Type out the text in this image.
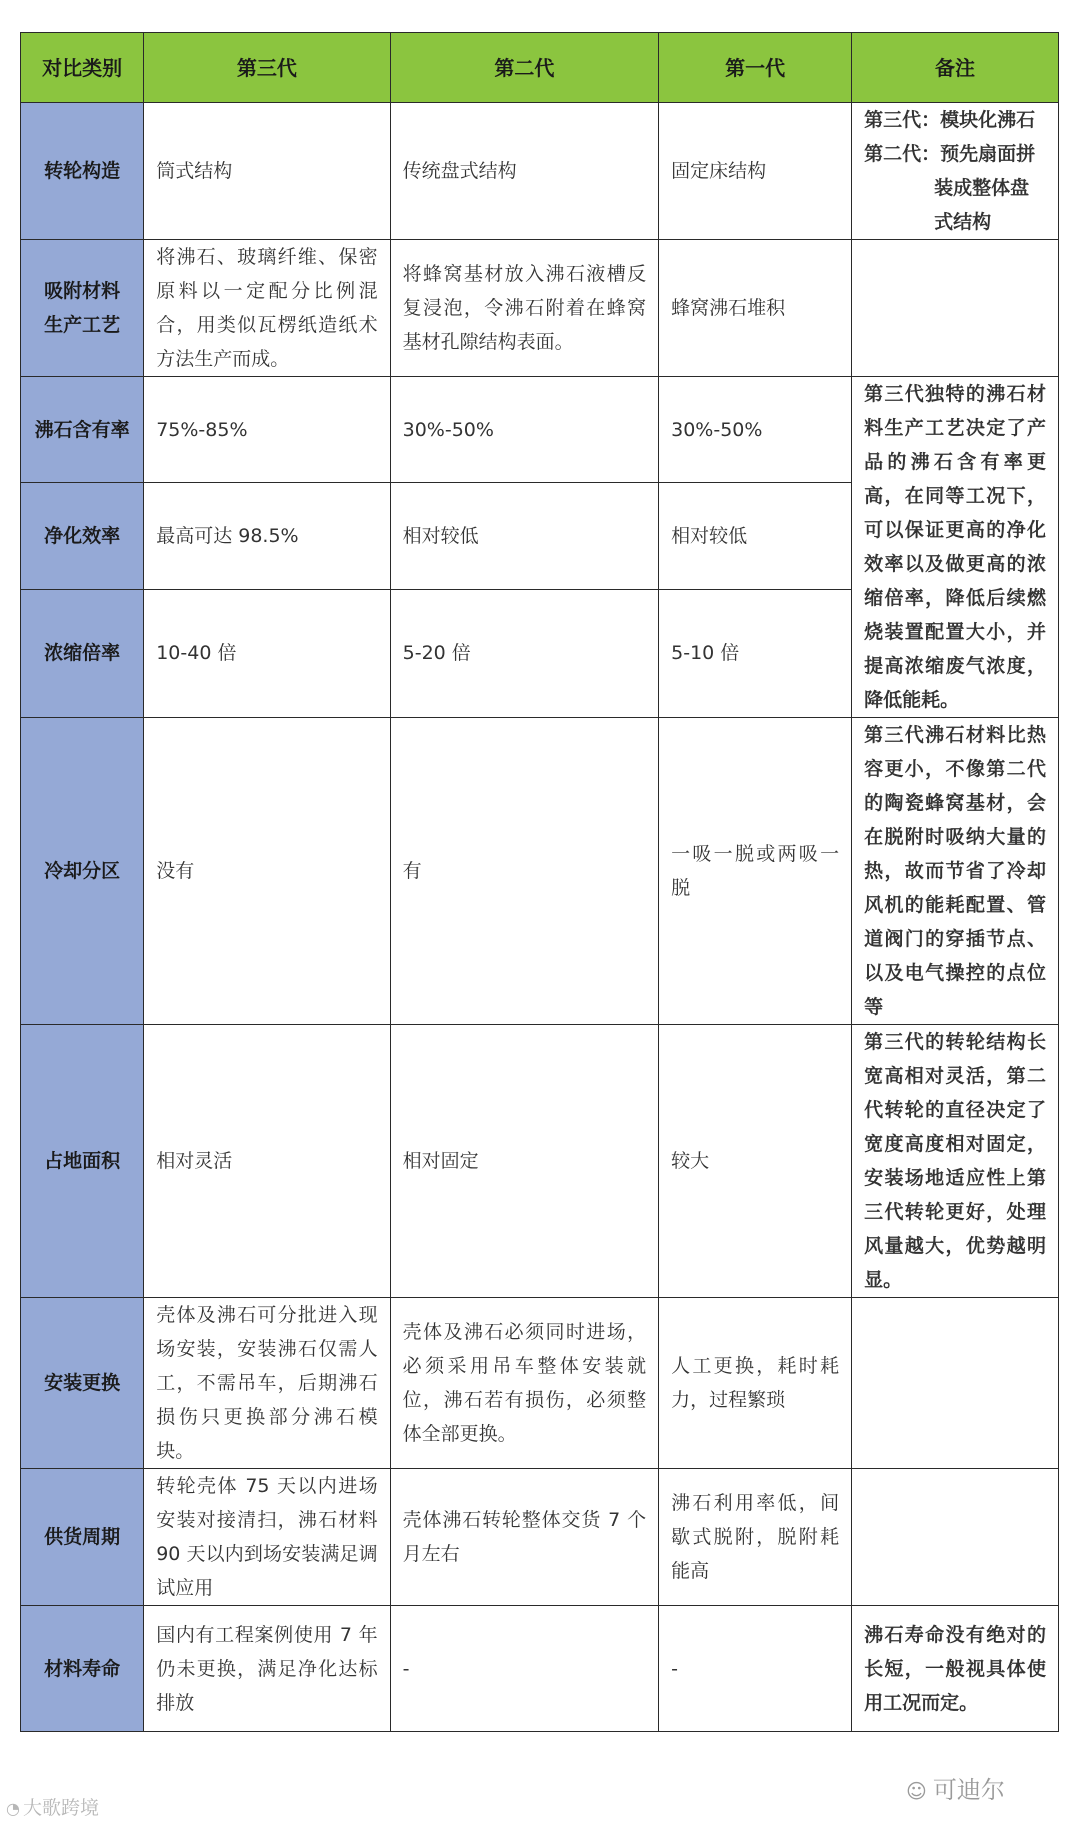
对比类别	第三代	第二代	第一代	备注
转轮构造	筒式结构	传统盘式结构	固定床结构	第三代：模块化沸石
第二代：预先扇面拼
装成整体盘
式结构

吸附材料
生产工艺	将沸石、玻璃纤维、保密原料以一定配分比例混合，用类似瓦楞纸造纸术方法生产而成。	将蜂窝基材放入沸石液槽反复浸泡，令沸石附着在蜂窝基材孔隙结构表面。	蜂窝沸石堆积	
沸石含有率	75%-85%	30%-50%	30%-50%	第三代独特的沸石材料生产工艺决定了产品的沸石含有率更高，在同等工况下，可以保证更高的净化效率以及做更高的浓缩倍率，降低后续燃烧装置配置大小，并提高浓缩废气浓度，降低能耗。
净化效率	最高可达 98.5%	相对较低	相对较低	
浓缩倍率	10-40 倍	5-20 倍	5-10 倍	
冷却分区	没有	有	一吸一脱或两吸一脱	第三代沸石材料比热容更小，不像第二代的陶瓷蜂窝基材，会在脱附时吸纳大量的热，故而节省了冷却风机的能耗配置、管道阀门的穿插节点、以及电气操控的点位等
占地面积	相对灵活	相对固定	较大	第三代的转轮结构长宽高相对灵活，第二代转轮的直径决定了宽度高度相对固定，安装场地适应性上第三代转轮更好，处理风量越大，优势越明显。
安装更换	壳体及沸石可分批进入现场安装，安装沸石仅需人工，不需吊车，后期沸石损伤只更换部分沸石模块。	壳体及沸石必须同时进场，必须采用吊车整体安装就位，沸石若有损伤，必须整体全部更换。	人工更换，耗时耗力，过程繁琐	
供货周期	转轮壳体 75 天以内进场安装对接清扫，沸石材料 90 天以内到场安装满足调试应用	壳体沸石转轮整体交货 7 个月左右	沸石利用率低，间歇式脱附，脱附耗能高	
材料寿命	国内有工程案例使用 7 年仍未更换，满足净化达标排放	-	-	沸石寿命没有绝对的长短，一般视具体使用工况而定。
◔ 大歌跨境
☺ 可迪尔
